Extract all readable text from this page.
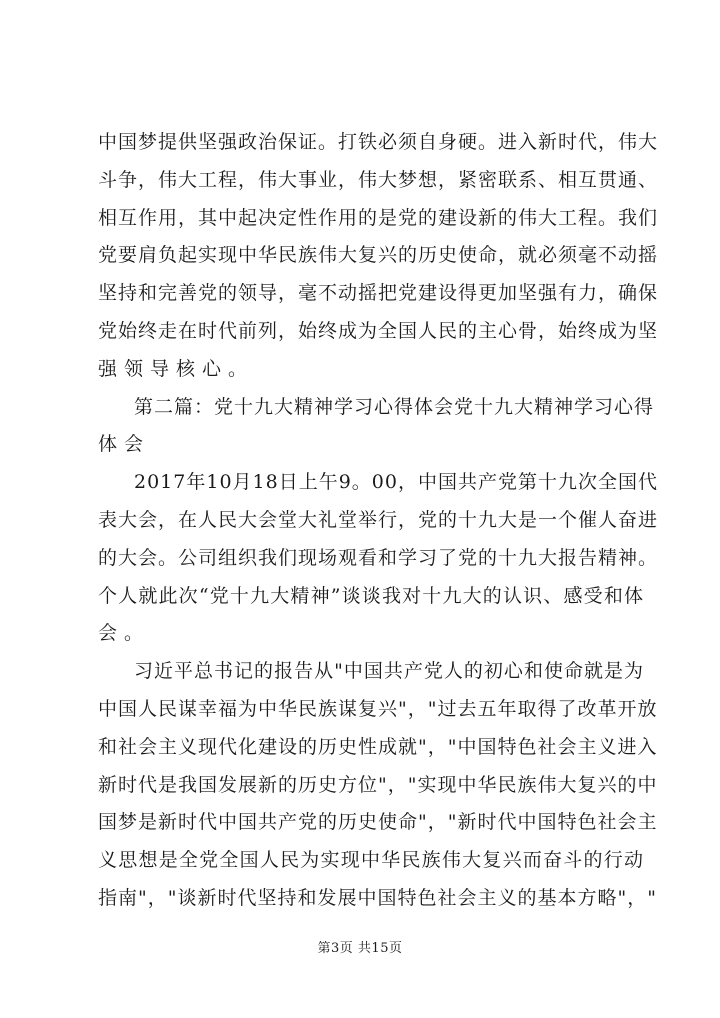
中国梦提供坚强政治保证。打铁必须自身硬。进入新时代，伟大
斗争，伟大工程，伟大事业，伟大梦想，紧密联系、相互贯通、
相互作用，其中起决定性作用的是党的建设新的伟大工程。我们
党要肩负起实现中华民族伟大复兴的历史使命，就必须毫不动摇
坚持和完善党的领导，毫不动摇把党建设得更加坚强有力，确保
党始终走在时代前列，始终成为全国人民的主心骨，始终成为坚
强领导核心。
第二篇：党十九大精神学习心得体会党十九大精神学习心得
体会
2017年10月18日上午9。00，中国共产党第十九次全国代
表大会，在人民大会堂大礼堂举行，党的十九大是一个催人奋进
的大会。公司组织我们现场观看和学习了党的十九大报告精神。
个人就此次“党十九大精神”谈谈我对十九大的认识、感受和体
会。
习近平总书记的报告从"中国共产党人的初心和使命就是为
中国人民谋幸福为中华民族谋复兴"，"过去五年取得了改革开放
和社会主义现代化建设的历史性成就"，"中国特色社会主义进入
新时代是我国发展新的历史方位"，"实现中华民族伟大复兴的中
国梦是新时代中国共产党的历史使命"，"新时代中国特色社会主
义思想是全党全国人民为实现中华民族伟大复兴而奋斗的行动
指南"，"谈新时代坚持和发展中国特色社会主义的基本方略"，"
第3页 共15页
